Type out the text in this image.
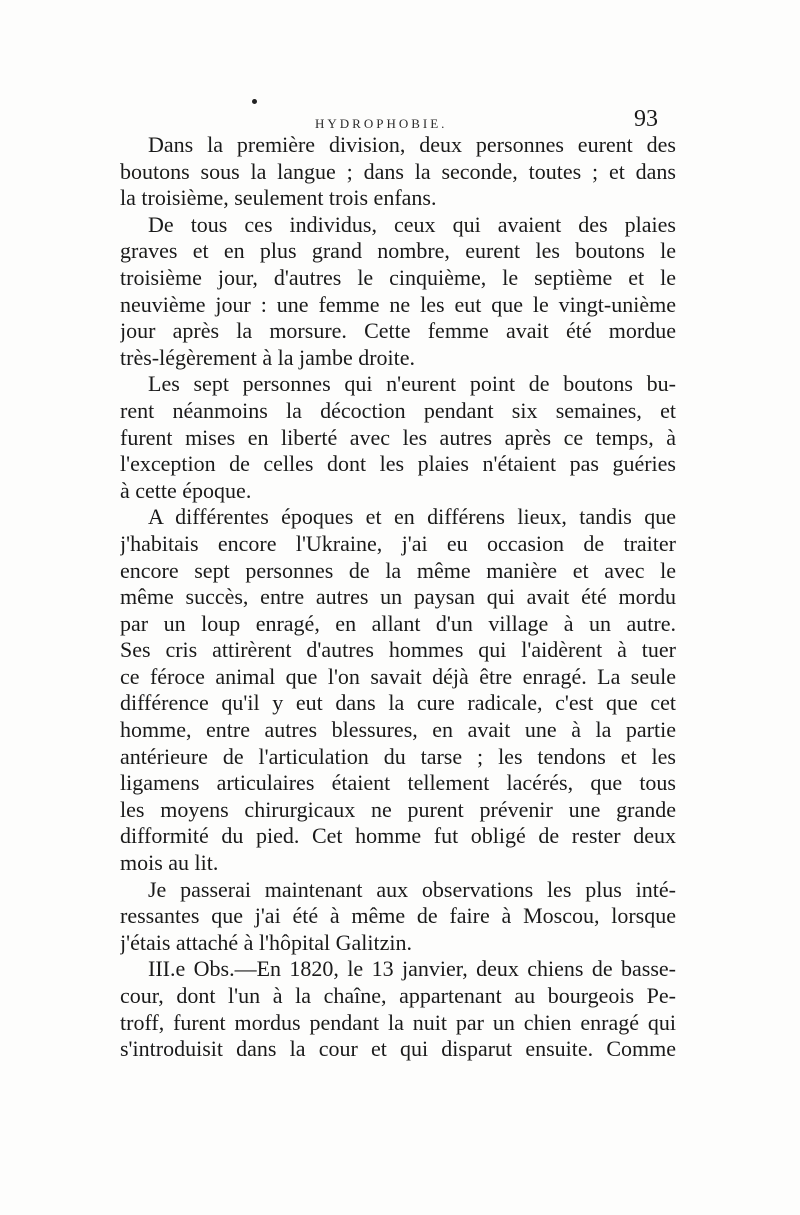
HYDROPHOBIE.	93
Dans la première division, deux personnes eurent des
boutons sous la langue ; dans la seconde, toutes ; et dans
la troisième, seulement trois enfans.
De tous ces individus, ceux qui avaient des plaies
graves et en plus grand nombre, eurent les boutons le
troisième jour, d'autres le cinquième, le septième et le
neuvième jour : une femme ne les eut que le vingt-unième
jour après la morsure. Cette femme avait été mordue
très-légèrement à la jambe droite.
Les sept personnes qui n'eurent point de boutons bu-
rent néanmoins la décoction pendant six semaines, et
furent mises en liberté avec les autres après ce temps, à
l'exception de celles dont les plaies n'étaient pas guéries
à cette époque.
A différentes époques et en différens lieux, tandis que
j'habitais encore l'Ukraine, j'ai eu occasion de traiter
encore sept personnes de la même manière et avec le
même succès, entre autres un paysan qui avait été mordu
par un loup enragé, en allant d'un village à un autre.
Ses cris attirèrent d'autres hommes qui l'aidèrent à tuer
ce féroce animal que l'on savait déjà être enragé. La seule
différence qu'il y eut dans la cure radicale, c'est que cet
homme, entre autres blessures, en avait une à la partie
antérieure de l'articulation du tarse ; les tendons et les
ligamens articulaires étaient tellement lacérés, que tous
les moyens chirurgicaux ne purent prévenir une grande
difformité du pied. Cet homme fut obligé de rester deux
mois au lit.
Je passerai maintenant aux observations les plus inté-
ressantes que j'ai été à même de faire à Moscou, lorsque
j'étais attaché à l'hôpital Galitzin.
III.e Obs.—En 1820, le 13 janvier, deux chiens de basse-
cour, dont l'un à la chaîne, appartenant au bourgeois Pe-
troff, furent mordus pendant la nuit par un chien enragé qui
s'introduisit dans la cour et qui disparut ensuite. Comme
